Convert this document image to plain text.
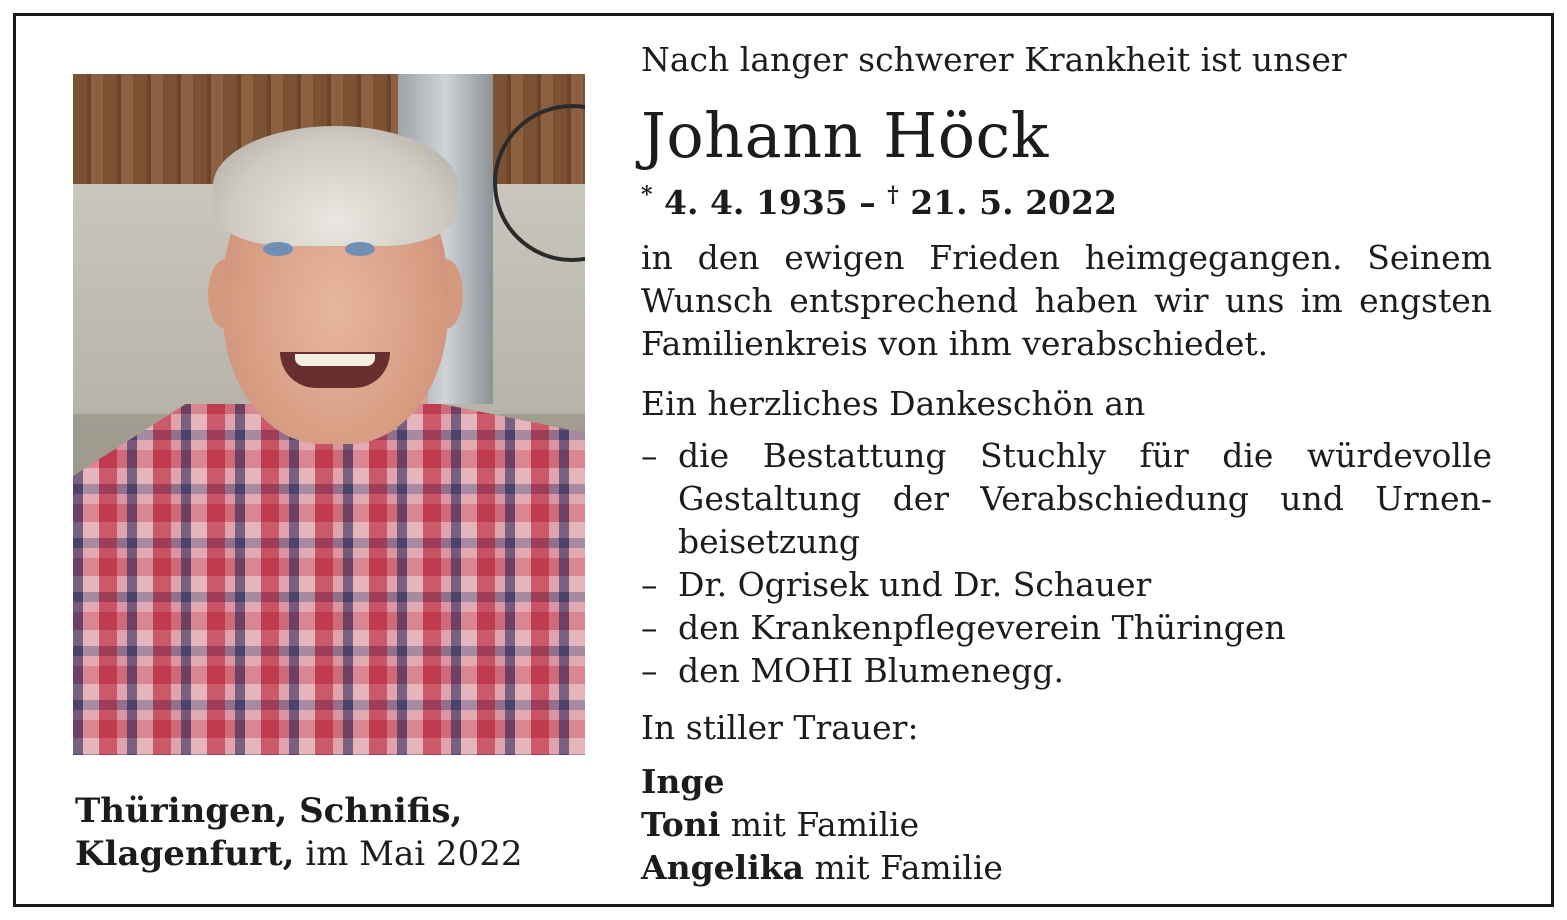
Thüringen, Schnifis,
Klagenfurt, im Mai 2022
Nach langer schwerer Krankheit ist unser
Johann Höck
* 4. 4. 1935 – † 21. 5. 2022
in den ewigen Frieden heimgegangen. Seinem Wunsch entsprechend haben wir uns im engsten Familienkreis von ihm verabschiedet.
Ein herzliches Dankeschön an
– die Bestattung Stuchly für die würdevolle Gestaltung der Verabschiedung und Urnen- beisetzung
– Dr. Ogrisek und Dr. Schauer
– den Krankenpflegeverein Thüringen
– den MOHI Blumenegg.
In stiller Trauer:
Inge
Toni mit Familie
Angelika mit Familie
